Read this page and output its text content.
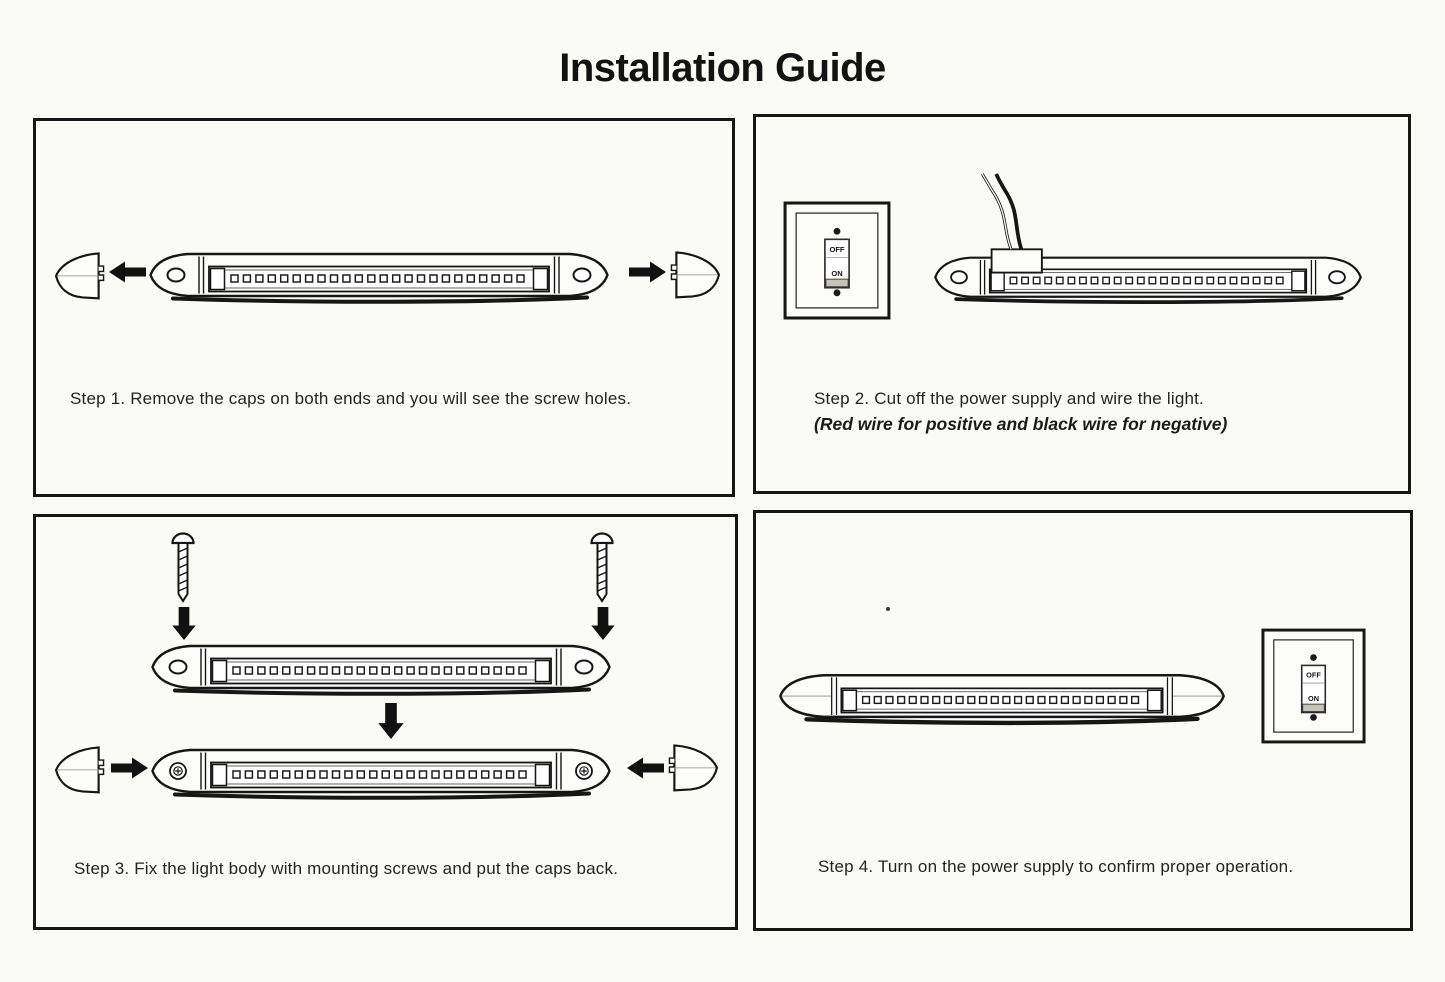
Installation Guide
Step 1. Remove the caps on both ends and you will see the screw holes.	Step 2. Cut off the power supply and wire the light.
(Red wire for positive and black wire for negative)
Step 3. Fix the light body with mounting screws and put the caps back.	Step 4. Turn on the power supply to confirm proper operation.
